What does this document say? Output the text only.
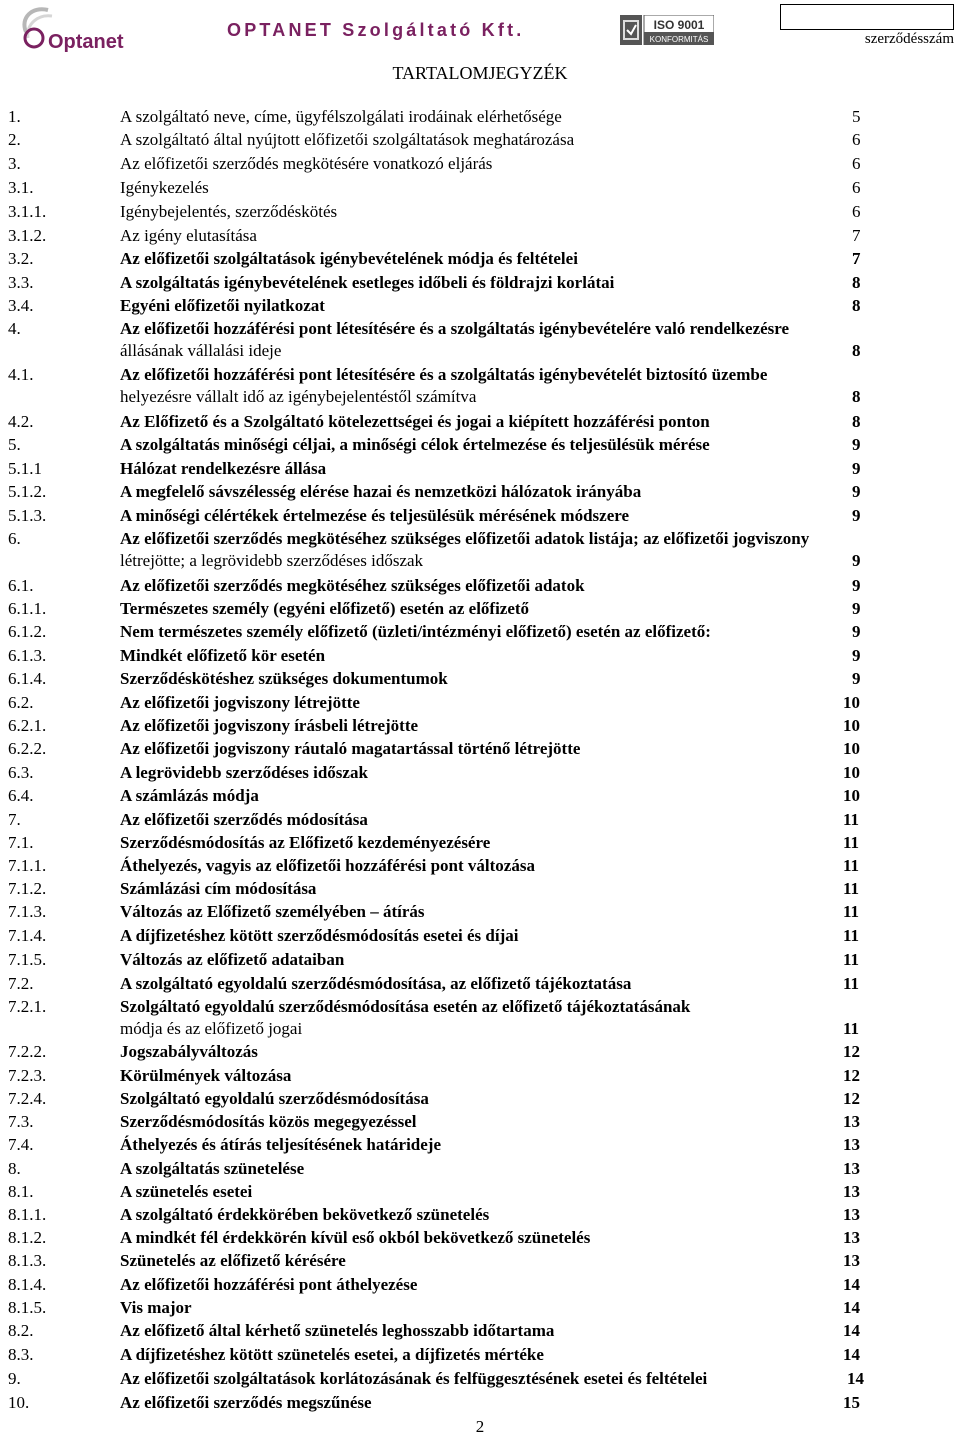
Optanet
OPTANET Szolgáltató Kft.	ISO 9001
KONFORMITÁS	szerződésszám
TARTALOMJEGYZÉK
1.	A szolgáltató neve, címe, ügyfélszolgálati irodáinak elérhetősége	5
2.	A szolgáltató által nyújtott előfizetői szolgáltatások meghatározása	6
3.	Az előfizetői szerződés megkötésére vonatkozó eljárás	6
3.1.	Igénykezelés	6
3.1.1.	Igénybejelentés, szerződéskötés	6
3.1.2.	Az igény elutasítása	7
3.2.	Az előfizetői szolgáltatások igénybevételének módja és feltételei	7
3.3.	A szolgáltatás igénybevételének esetleges időbeli és földrajzi korlátai	8
3.4.	Egyéni előfizetői nyilatkozat	8
4.	Az előfizetői hozzáférési pont létesítésére és a szolgáltatás igénybevételére való rendelkezésre
állásának vállalási ideje	8
4.1.	Az előfizetői hozzáférési pont létesítésére és a szolgáltatás igénybevételét biztosító üzembe
helyezésre vállalt idő az igénybejelentéstől számítva	8
4.2.	Az Előfizető és a Szolgáltató kötelezettségei és jogai a kiépített hozzáférési ponton	8
5.	A szolgáltatás minőségi céljai, a minőségi célok értelmezése és teljesülésük mérése	9
5.1.1	Hálózat rendelkezésre állása	9
5.1.2.	A megfelelő sávszélesség elérése hazai és nemzetközi hálózatok irányába	9
5.1.3.	A minőségi célértékek értelmezése és teljesülésük mérésének módszere	9
6.	Az előfizetői szerződés megkötéséhez szükséges előfizetői adatok listája; az előfizetői jogviszony
létrejötte; a legrövidebb szerződéses időszak	9
6.1.	Az előfizetői szerződés megkötéséhez szükséges előfizetői adatok	9
6.1.1.	Természetes személy (egyéni előfizető) esetén az előfizető	9
6.1.2.	Nem természetes személy előfizető (üzleti/intézményi előfizető) esetén az előfizető:	9
6.1.3.	Mindkét előfizető kör esetén	9
6.1.4.	Szerződéskötéshez szükséges dokumentumok	9
6.2.	Az előfizetői jogviszony létrejötte	10
6.2.1.	Az előfizetői jogviszony írásbeli létrejötte	10
6.2.2.	Az előfizetői jogviszony ráutaló magatartással történő létrejötte	10
6.3.	A legrövidebb szerződéses időszak	10
6.4.	A számlázás módja	10
7.	Az előfizetői szerződés módosítása	11
7.1.	Szerződésmódosítás az Előfizető kezdeményezésére	11
7.1.1.	Áthelyezés, vagyis az előfizetői hozzáférési pont változása	11
7.1.2.	Számlázási cím módosítása	11
7.1.3.	Változás az Előfizető személyében – átírás	11
7.1.4.	A díjfizetéshez kötött szerződésmódosítás esetei és díjai	11
7.1.5.	Változás az előfizető adataiban	11
7.2.	A szolgáltató egyoldalú szerződésmódosítása, az előfizető tájékoztatása	11
7.2.1.	Szolgáltató egyoldalú szerződésmódosítása esetén az előfizető tájékoztatásának
módja és az előfizető jogai	11
7.2.2.	Jogszabályváltozás	12
7.2.3.	Körülmények változása	12
7.2.4.	Szolgáltató egyoldalú szerződésmódosítása	12
7.3.	Szerződésmódosítás közös megegyezéssel	13
7.4.	Áthelyezés és átírás teljesítésének határideje	13
8.	A szolgáltatás szünetelése	13
8.1.	A szünetelés esetei	13
8.1.1.	A szolgáltató érdekkörében bekövetkező szünetelés	13
8.1.2.	A mindkét fél érdekkörén kívül eső okból bekövetkező szünetelés	13
8.1.3.	Szünetelés az előfizető kérésére	13
8.1.4.	Az előfizetői hozzáférési pont áthelyezése	14
8.1.5.	Vis major	14
8.2.	Az előfizető által kérhető szünetelés leghosszabb időtartama	14
8.3.	A díjfizetéshez kötött szünetelés esetei, a díjfizetés mértéke	14
9.	Az előfizetői szolgáltatások korlátozásának és felfüggesztésének esetei és feltételei	14
10.	Az előfizetői szerződés megszűnése	15
2
